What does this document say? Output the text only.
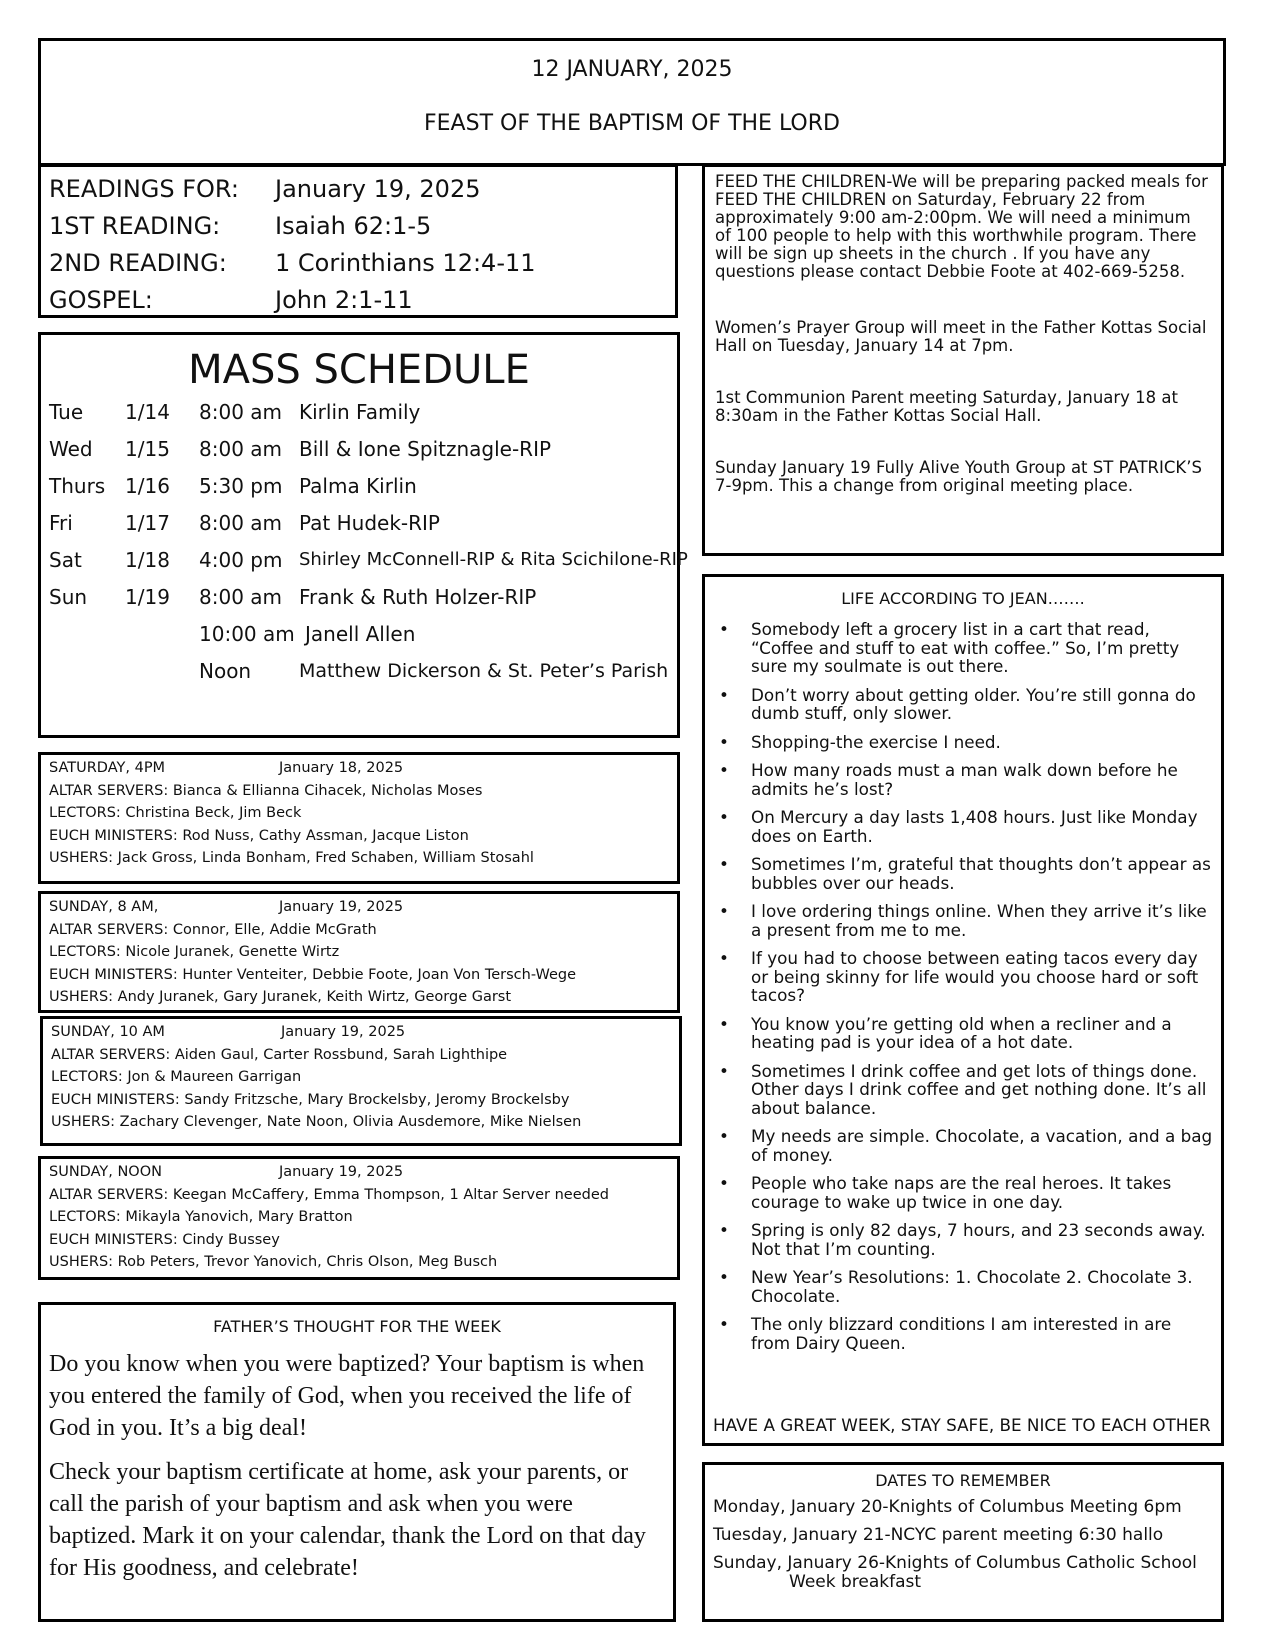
12 JANUARY, 2025
FEAST OF THE BAPTISM OF THE LORD
READINGS FOR:	January 19, 2025
1ST READING:	Isaiah 62:1-5
2ND READING:	1 Corinthians 12:4-11
GOSPEL:	John 2:1-11
MASS SCHEDULE
Tue	1/14	8:00 am Kirlin Family
Wed	1/15	8:00 am Bill & Ione Spitznagle-RIP
Thurs 1/16	5:30 pm Palma Kirlin
Fri	1/17	8:00 am Pat Hudek-RIP
Sat	1/18	4:00 pm Shirley McConnell-RIP & Rita Scichilone-RIP
Sun	1/19	8:00 am Frank & Ruth Holzer-RIP
10:00 am Janell Allen
Noon	Matthew Dickerson & St. Peter’s Parish
SATURDAY, 4PM	January 18, 2025
ALTAR SERVERS: Bianca & Ellianna Cihacek, Nicholas Moses
LECTORS: Christina Beck, Jim Beck
EUCH MINISTERS: Rod Nuss, Cathy Assman, Jacque Liston
USHERS: Jack Gross, Linda Bonham, Fred Schaben, William Stosahl
SUNDAY, 8 AM,	January 19, 2025
ALTAR SERVERS: Connor, Elle, Addie McGrath
LECTORS: Nicole Juranek, Genette Wirtz
EUCH MINISTERS: Hunter Venteiter, Debbie Foote, Joan Von Tersch-Wege
USHERS: Andy Juranek, Gary Juranek, Keith Wirtz, George Garst
SUNDAY, 10 AM	January 19, 2025
ALTAR SERVERS: Aiden Gaul, Carter Rossbund, Sarah Lighthipe
LECTORS: Jon & Maureen Garrigan
EUCH MINISTERS: Sandy Fritzsche, Mary Brockelsby, Jeromy Brockelsby
USHERS: Zachary Clevenger, Nate Noon, Olivia Ausdemore, Mike Nielsen
SUNDAY, NOON	January 19, 2025
ALTAR SERVERS: Keegan McCaffery, Emma Thompson, 1 Altar Server needed
LECTORS: Mikayla Yanovich, Mary Bratton
EUCH MINISTERS: Cindy Bussey
USHERS: Rob Peters, Trevor Yanovich, Chris Olson, Meg Busch
FATHER’S THOUGHT FOR THE WEEK

Do you know when you were baptized? Your baptism is when you entered the family of God, when you received the life of God in you. It’s a big deal!

Check your baptism certificate at home, ask your parents, or call the parish of your baptism and ask when you were baptized. Mark it on your calendar, thank the Lord on that day for His goodness, and celebrate!

FEED THE CHILDREN-We will be preparing packed meals for FEED THE CHILDREN on Saturday, February 22 from approximately 9:00 am-2:00pm. We will need a minimum of 100 people to help with this worthwhile program. There will be sign up sheets in the church . If you have any questions please contact Debbie Foote at 402-669-5258.
Women’s Prayer Group will meet in the Father Kottas Social Hall on Tuesday, January 14 at 7pm.
1st Communion Parent meeting Saturday, January 18 at 8:30am in the Father Kottas Social Hall.
Sunday January 19 Fully Alive Youth Group at ST PATRICK’S 7-9pm. This a change from original meeting place.
LIFE ACCORDING TO JEAN…….
• Somebody left a grocery list in a cart that read, “Coffee and stuff to eat with coffee.” So, I’m pretty sure my soulmate is out there.
• Don’t worry about getting older. You’re still gonna do dumb stuff, only slower.
• Shopping-the exercise I need.
• How many roads must a man walk down before he admits he’s lost?
• On Mercury a day lasts 1,408 hours. Just like Monday does on Earth.
• Sometimes I’m, grateful that thoughts don’t appear as bubbles over our heads.
• I love ordering things online. When they arrive it’s like a present from me to me.
• If you had to choose between eating tacos every day or being skinny for life would you choose hard or soft tacos?
• You know you’re getting old when a recliner and a heating pad is your idea of a hot date.
• Sometimes I drink coffee and get lots of things done. Other days I drink coffee and get nothing done. It’s all about balance.
• My needs are simple. Chocolate, a vacation, and a bag of money.
• People who take naps are the real heroes. It takes courage to wake up twice in one day.
• Spring is only 82 days, 7 hours, and 23 seconds away. Not that I’m counting.
• New Year’s Resolutions: 1. Chocolate 2. Chocolate 3. Chocolate.
• The only blizzard conditions I am interested in are from Dairy Queen.
HAVE A GREAT WEEK, STAY SAFE, BE NICE TO EACH OTHER
DATES TO REMEMBER
Monday, January 20-Knights of Columbus Meeting 6pm
Tuesday, January 21-NCYC parent meeting 6:30 hallo
Sunday, January 26-Knights of Columbus Catholic School
Week breakfast
